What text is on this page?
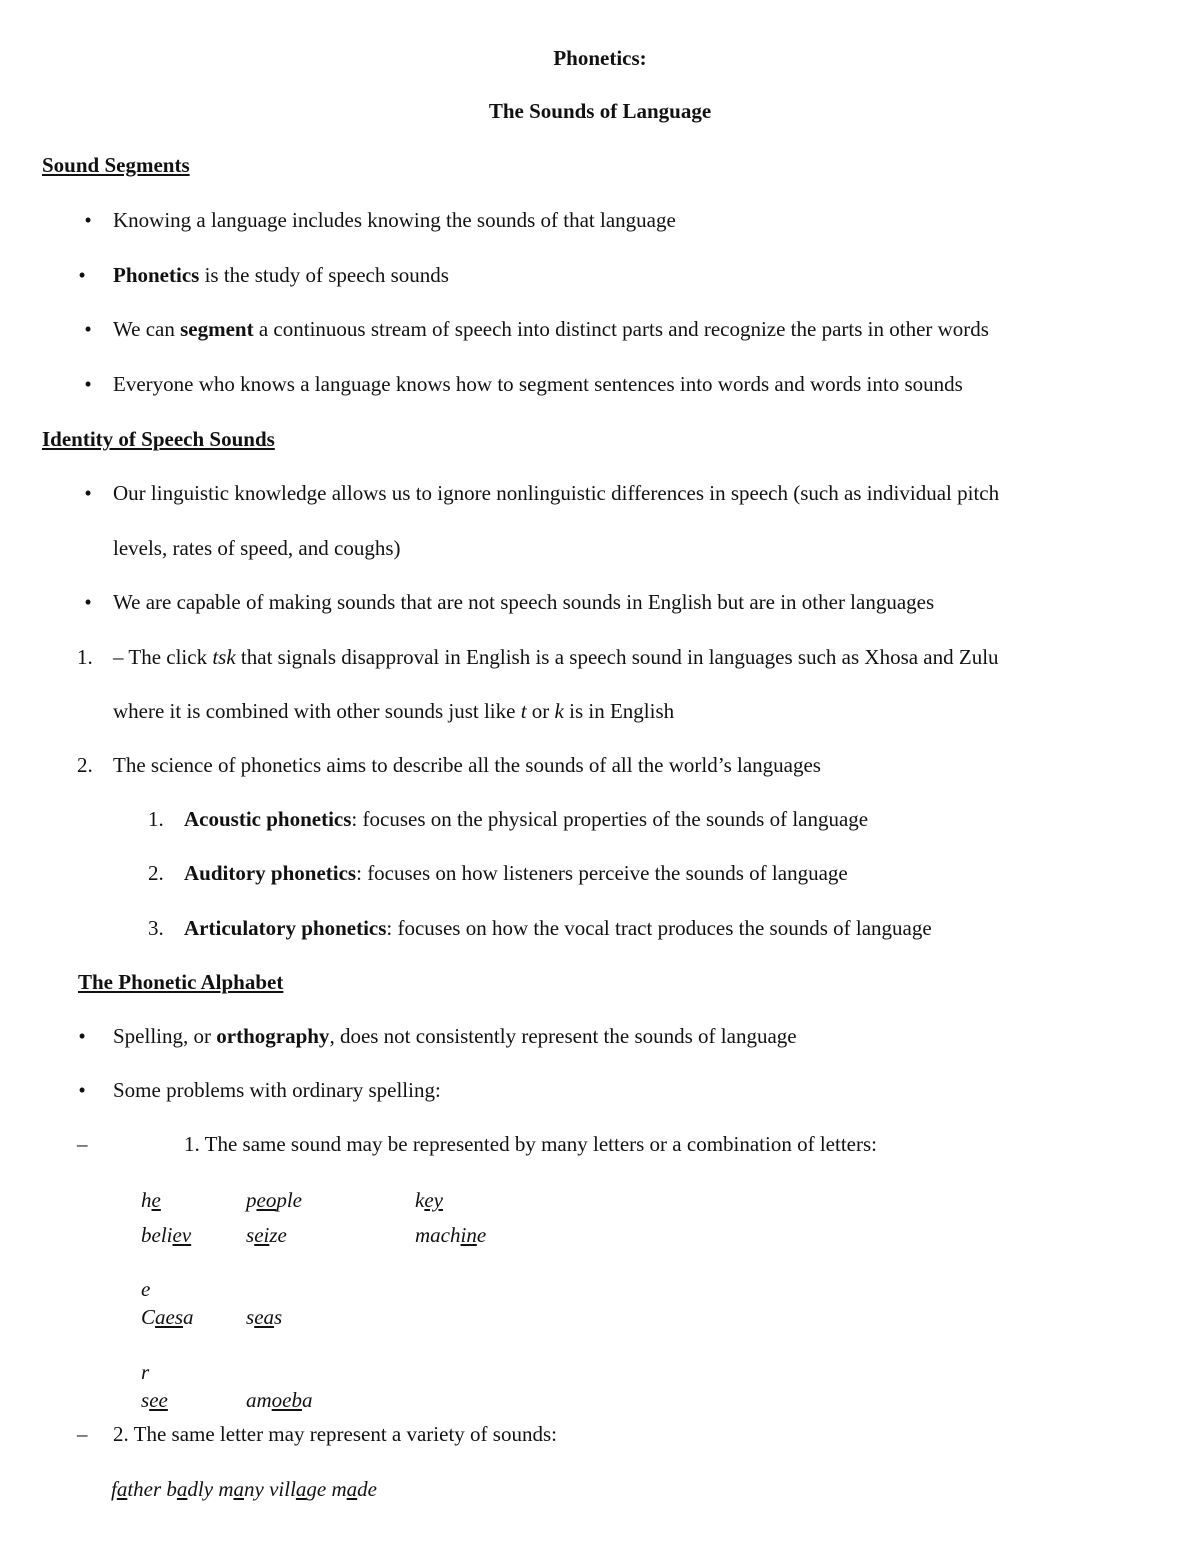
Phonetics:
The Sounds of Language
Sound Segments
•	Knowing a language includes knowing the sounds of that language
•	Phonetics is the study of speech sounds
•	We can segment a continuous stream of speech into distinct parts and recognize the parts in other words
•	Everyone who knows a language knows how to segment sentences into words and words into sounds
Identity of Speech Sounds
•	Our linguistic knowledge allows us to ignore nonlinguistic differences in speech (such as individual pitch
levels, rates of speed, and coughs)
•	We are capable of making sounds that are not speech sounds in English but are in other languages
1. – The click tsk that signals disapproval in English is a speech sound in languages such as Xhosa and Zulu
where it is combined with other sounds just like t or k is in English
2. The science of phonetics aims to describe all the sounds of all the world’s languages
1. Acoustic phonetics: focuses on the physical properties of the sounds of language
2. Auditory phonetics: focuses on how listeners perceive the sounds of language
3. Articulatory phonetics: focuses on how the vocal tract produces the sounds of language
The Phonetic Alphabet
•	Spelling, or orthography, does not consistently represent the sounds of language
•	Some problems with ordinary spelling:
–	1. The same sound may be represented by many letters or a combination of letters:
he	people	key
believ	seize	machine
e
Caesa seas
r
see	amoeba
– 2. The same letter may represent a variety of sounds:
father badly many village made
